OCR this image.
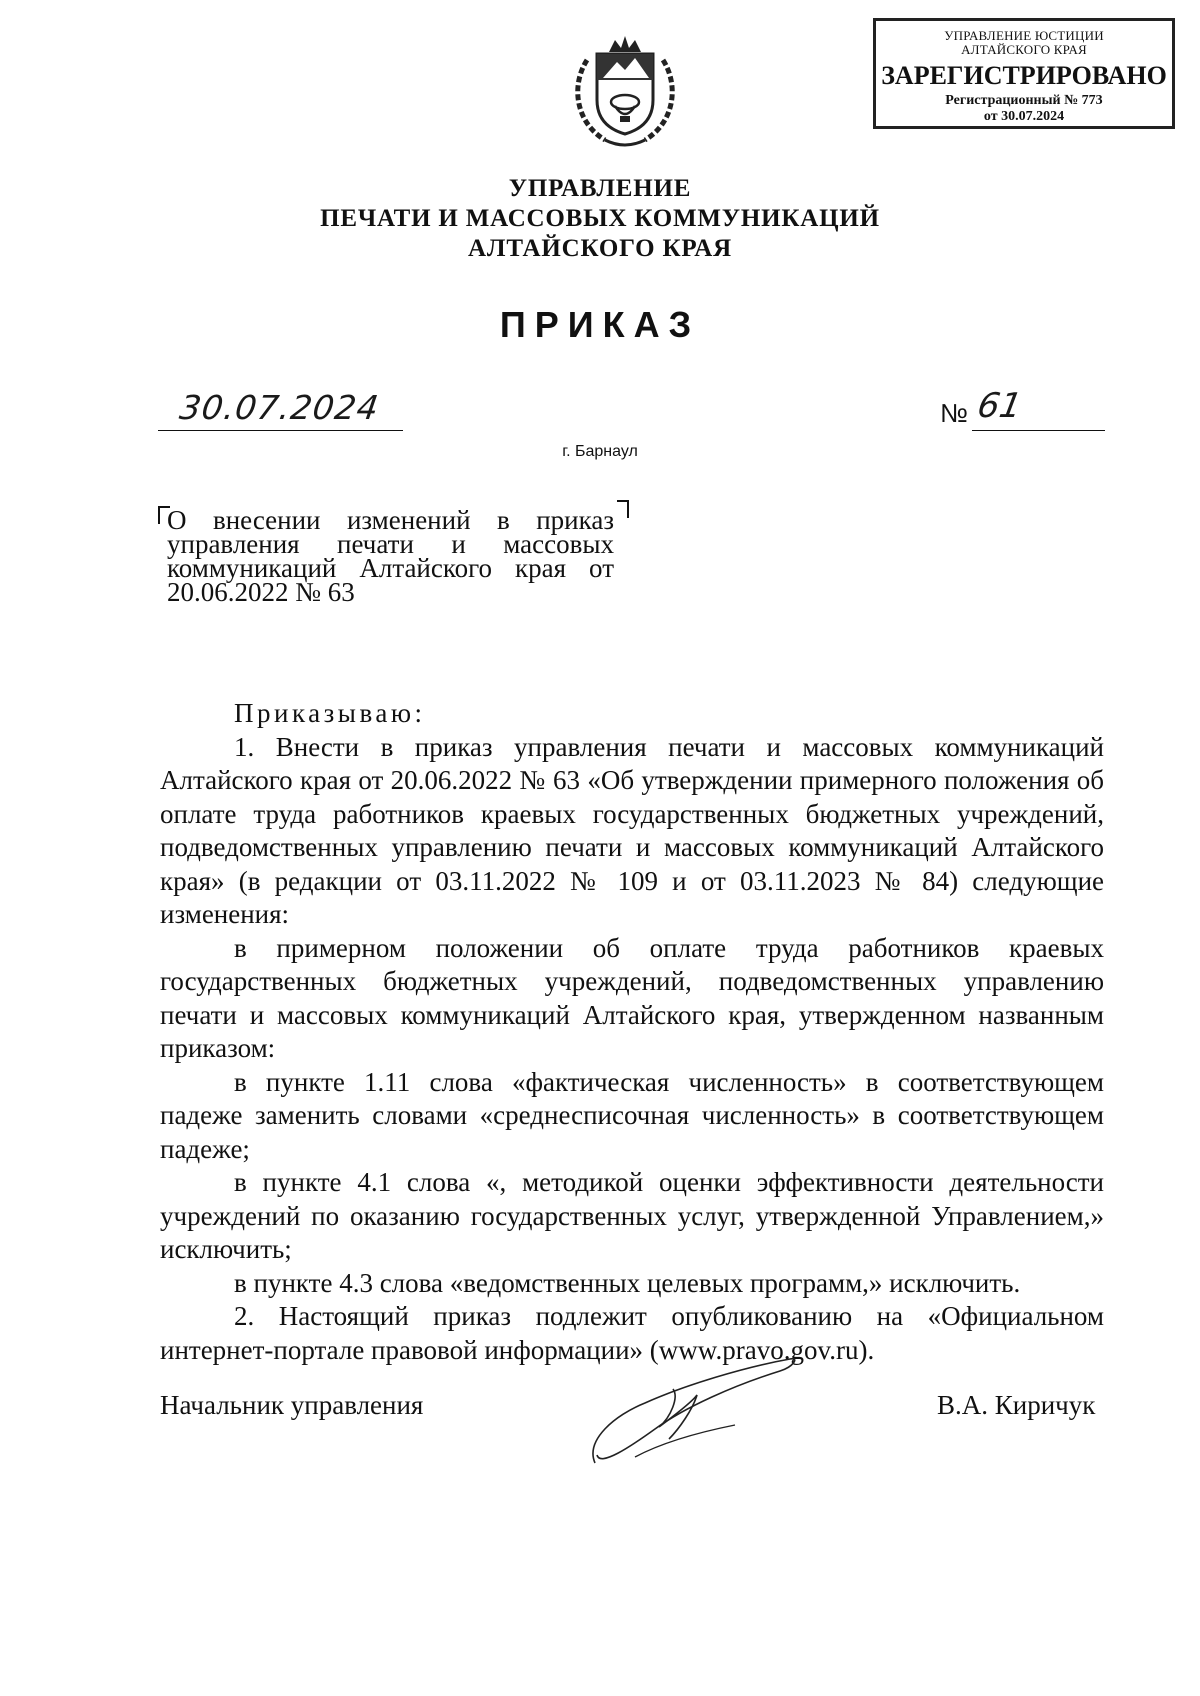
УПРАВЛЕНИЕ ЮСТИЦИИ
АЛТАЙСКОГО КРАЯ
ЗАРЕГИСТРИРОВАНО
Регистрационный № 773
от 30.07.2024
УПРАВЛЕНИЕ
ПЕЧАТИ И МАССОВЫХ КОММУНИКАЦИЙ
АЛТАЙСКОГО КРАЯ
ПРИКАЗ
30.07.2024	№ 61
г. Барнаул
О внесении изменений в приказ управления печати и массовых коммуникаций Алтайского края от 20.06.2022 № 63

Приказываю:

1. Внести в приказ управления печати и массовых коммуникаций Алтайского края от 20.06.2022 № 63 «Об утверждении примерного положения об оплате труда работников краевых государственных бюджетных учреждений, подведомственных управлению печати и массовых коммуникаций Алтайского края» (в редакции от 03.11.2022 № 109 и от 03.11.2023 № 84) следующие изменения:

в примерном положении об оплате труда работников краевых государственных бюджетных учреждений, подведомственных управлению печати и массовых коммуникаций Алтайского края, утвержденном названным приказом:

в пункте 1.11 слова «фактическая численность» в соответствующем падеже заменить словами «среднесписочная численность» в соответствующем падеже;

в пункте 4.1 слова «, методикой оценки эффективности деятельности учреждений по оказанию государственных услуг, утвержденной Управлением,» исключить;

в пункте 4.3 слова «ведомственных целевых программ,» исключить.

2. Настоящий приказ подлежит опубликованию на «Официальном интернет-портале правовой информации» (www.pravo.gov.ru).

Начальник управления	В.А. Киричук
